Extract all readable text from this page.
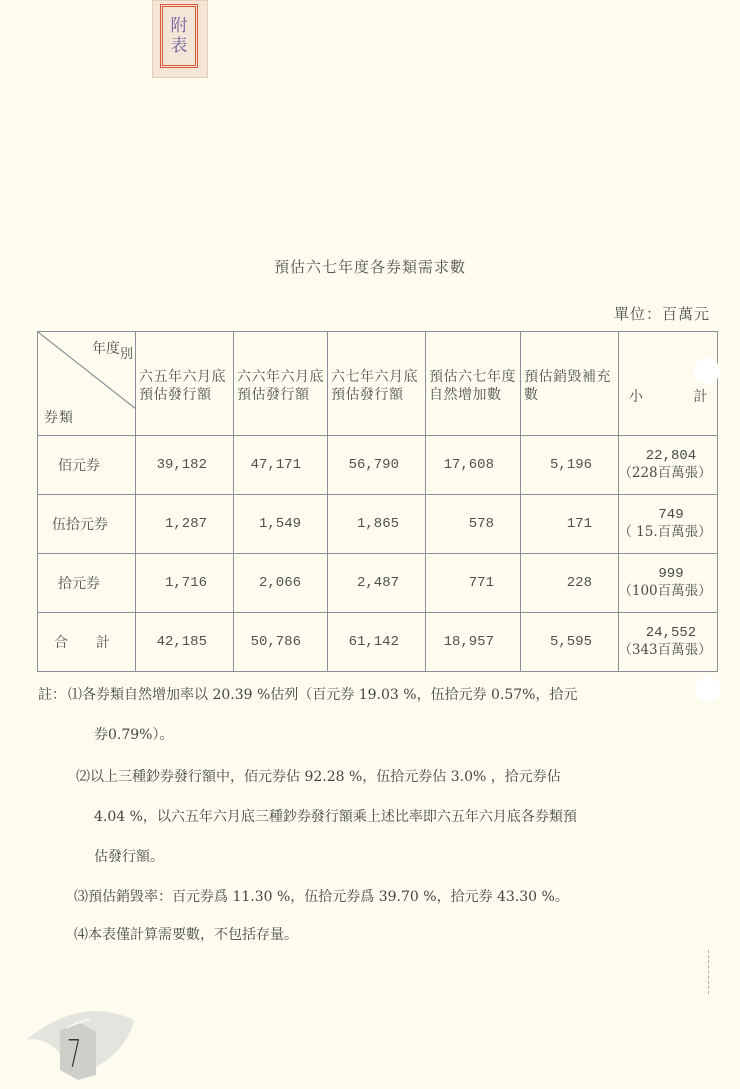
附
表
預估六七年度各券類需求數
單位：百萬元
年度別
券類	六五年六月底預估發行額	六六年六月底預估發行額	六七年六月底預估發行額	預估六七年度自然增加數	預估銷毀補充數	小 計
佰元券	39,182	47,171	56,790	17,608	5,196	22,804
（228百萬張）

伍拾元券	1,287	1,549	1,865	578	171	749
（ 15.百萬張）

拾元券	1,716	2,066	2,487	771	228	999
（100百萬張）

合　　計	42,185	50,786	61,142	18,957	5,595	24,552
（343百萬張）
註： ⑴各券類自然增加率以 20.39 %估列（百元券 19.03 %，伍拾元券 0.57%，拾元
券0.79%）。
⑵以上三種鈔券發行額中，佰元券佔 92.28 %，伍拾元券佔 3.0% ，拾元券佔
4.04 %，以六五年六月底三種鈔券發行額乘上述比率即六五年六月底各券類預
估發行額。
⑶預估銷毀率：百元券爲 11.30 %，伍拾元券爲 39.70 %，拾元券 43.30 %。
⑷本表僅計算需要數，不包括存量。
7
